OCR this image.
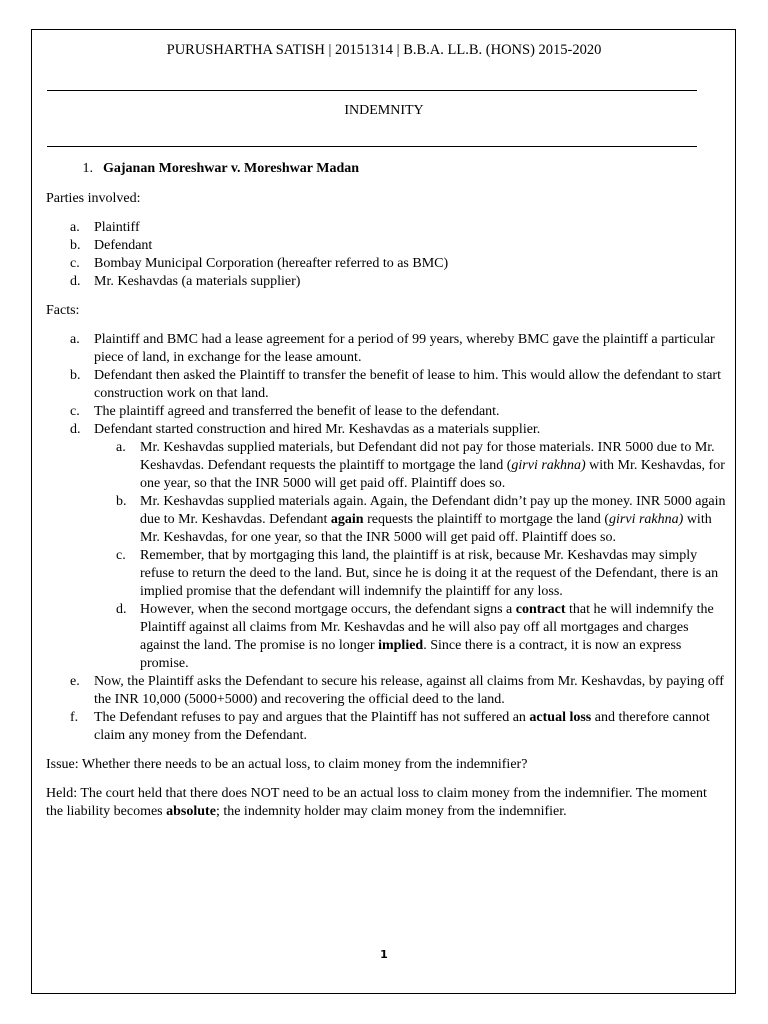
PURUSHARTHA SATISH | 20151314 | B.B.A. LL.B. (HONS) 2015-2020
INDEMNITY
1. Gajanan Moreshwar v. Moreshwar Madan

Parties involved:

a.	Plaintiff
b. Defendant
c.	Bombay Municipal Corporation (hereafter referred to as BMC)
d. Mr. Keshavdas (a materials supplier)

Facts:

a.	Plaintiff and BMC had a lease agreement for a period of 99 years, whereby BMC gave the plaintiff a particular piece of land, in exchange for the lease amount.
b. Defendant then asked the Plaintiff to transfer the benefit of lease to him. This would allow the defendant to start construction work on that land.
c.	The plaintiff agreed and transferred the benefit of lease to the defendant.
d. Defendant started construction and hired Mr. Keshavdas as a materials supplier.
a.	Mr. Keshavdas supplied materials, but Defendant did not pay for those materials. INR 5000 due to Mr. Keshavdas. Defendant requests the plaintiff to mortgage the land (girvi rakhna) with Mr. Keshavdas, for one year, so that the INR 5000 will get paid off. Plaintiff does so.
b. Mr. Keshavdas supplied materials again. Again, the Defendant didn’t pay up the money. INR 5000 again due to Mr. Keshavdas. Defendant again requests the plaintiff to mortgage the land (girvi rakhna) with Mr. Keshavdas, for one year, so that the INR 5000 will get paid off. Plaintiff does so.
c.	Remember, that by mortgaging this land, the plaintiff is at risk, because Mr. Keshavdas may simply refuse to return the deed to the land. But, since he is doing it at the request of the Defendant, there is an implied promise that the defendant will indemnify the plaintiff for any loss.
d. However, when the second mortgage occurs, the defendant signs a contract that he will indemnify the Plaintiff against all claims from Mr. Keshavdas and he will also pay off all mortgages and charges against the land. The promise is no longer implied. Since there is a contract, it is now an express promise.
e.	Now, the Plaintiff asks the Defendant to secure his release, against all claims from Mr. Keshavdas, by paying off the INR 10,000 (5000+5000) and recovering the official deed to the land.
f.	The Defendant refuses to pay and argues that the Plaintiff has not suffered an actual loss and therefore cannot claim any money from the Defendant.

Issue: Whether there needs to be an actual loss, to claim money from the indemnifier?

Held: The court held that there does NOT need to be an actual loss to claim money from the indemnifier. The moment the liability becomes absolute; the indemnity holder may claim money from the indemnifier.

1
